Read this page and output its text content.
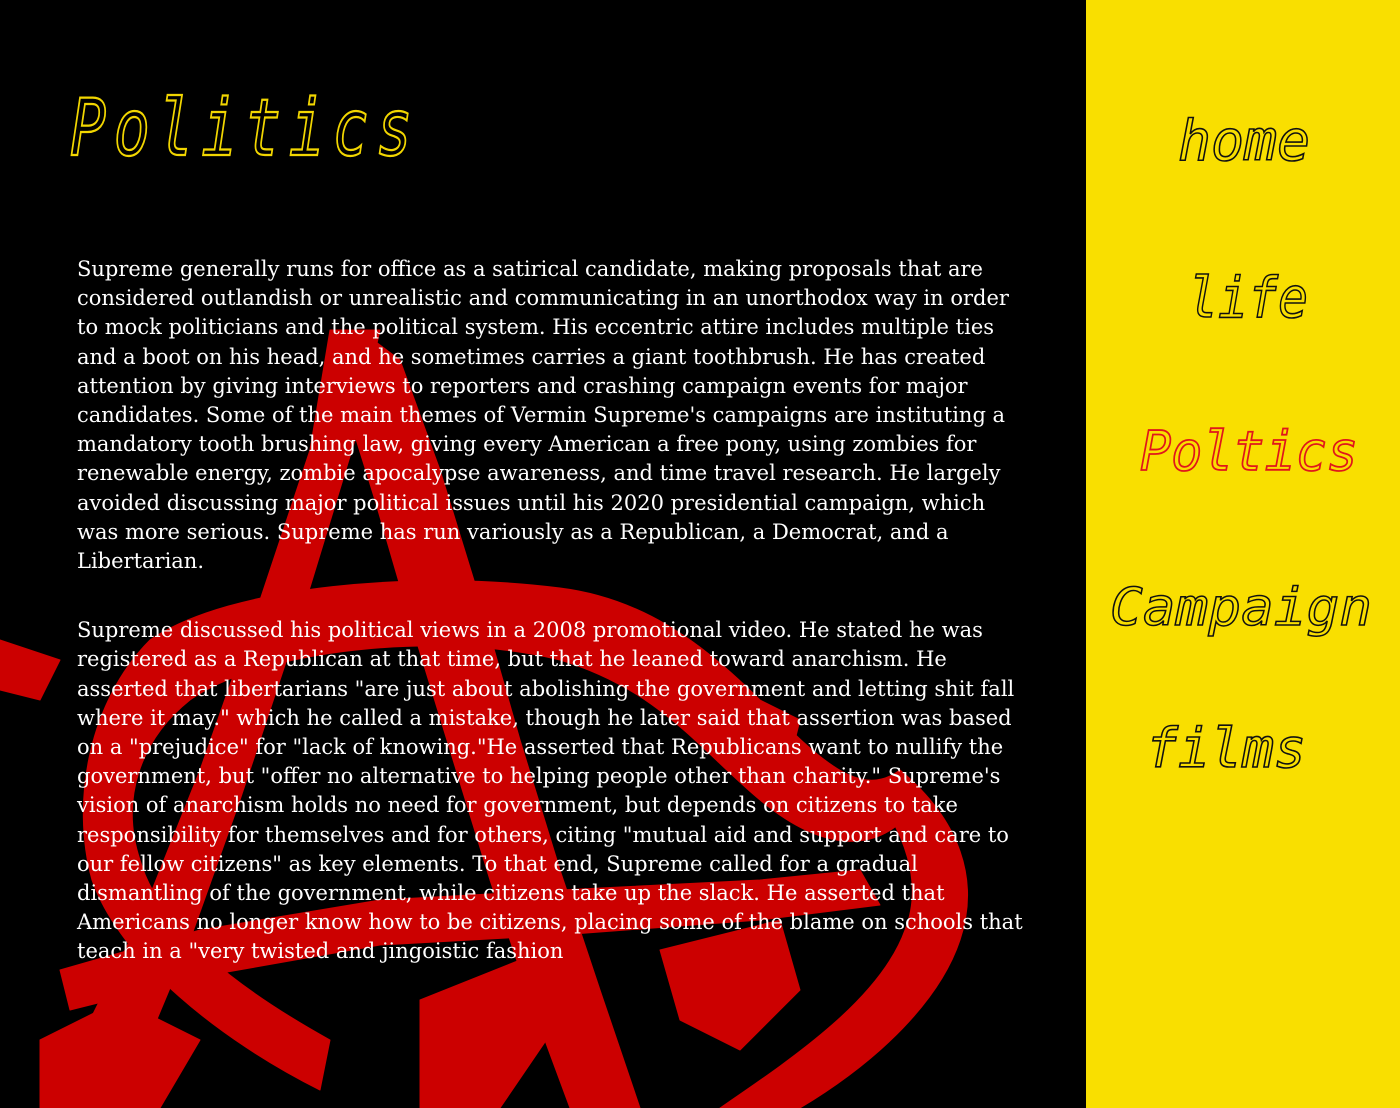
Politics

Supreme generally runs for office as a satirical candidate, making proposals that are considered outlandish or unrealistic and communicating in an unorthodox way in order to mock politicians and the political system. His eccentric attire includes multiple ties and a boot on his head, and he sometimes carries a giant toothbrush. He has created attention by giving interviews to reporters and crashing campaign events for major candidates. Some of the main themes of Vermin Supreme's campaigns are instituting a mandatory tooth brushing law, giving every American a free pony, using zombies for renewable energy, zombie apocalypse awareness, and time travel research. He largely avoided discussing major political issues until his 2020 presidential campaign, which was more serious. Supreme has run variously as a Republican, a Democrat, and a Libertarian.

Supreme discussed his political views in a 2008 promotional video. He stated he was registered as a Republican at that time, but that he leaned toward anarchism. He asserted that libertarians "are just about abolishing the government and letting shit fall where it may." which he called a mistake, though he later said that assertion was based on a "prejudice" for "lack of knowing."He asserted that Republicans want to nullify the government, but "offer no alternative to helping people other than charity." Supreme's vision of anarchism holds no need for government, but depends on citizens to take responsibility for themselves and for others, citing "mutual aid and support and care to our fellow citizens" as key elements. To that end, Supreme called for a gradual dismantling of the government, while citizens take up the slack. He asserted that Americans no longer know how to be citizens, placing some of the blame on schools that teach in a "very twisted and jingoistic fashion

home
life
Poltics
Campaign
films
